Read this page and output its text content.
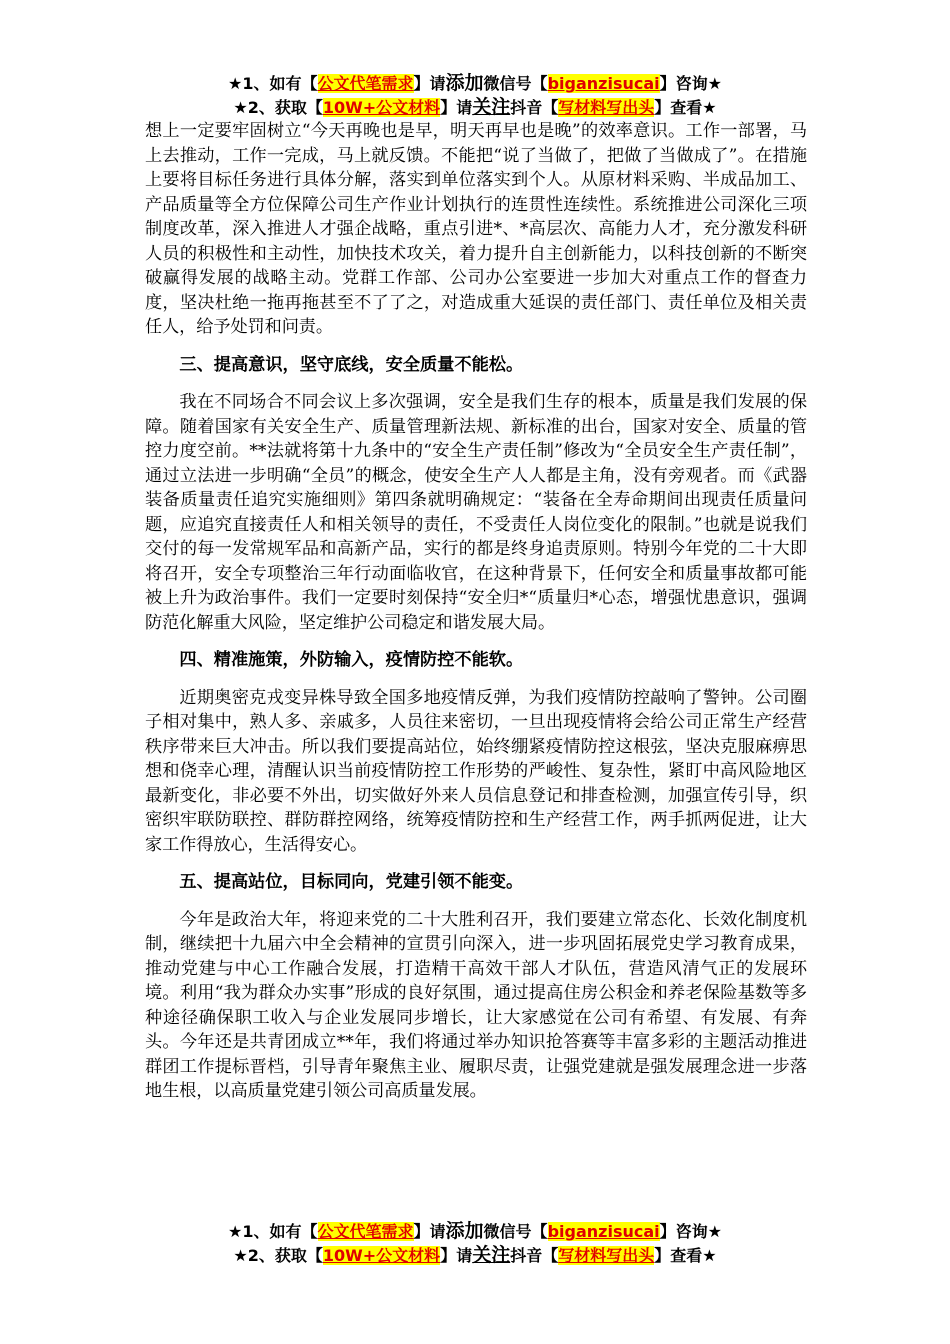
★1、如有【公文代笔需求】请添加微信号【biganzisucai】咨询★
★2、获取【10W+公文材料】请关注抖音【写材料写出头】查看★

想上一定要牢固树立“今天再晚也是早，明天再早也是晚”的效率意识。工作一部署，马上去推动，工作一完成，马上就反馈。不能把“说了当做了，把做了当做成了”。在措施上要将目标任务进行具体分解，落实到单位落实到个人。从原材料采购、半成品加工、产品质量等全方位保障公司生产作业计划执行的连贯性连续性。系统推进公司深化三项制度改革，深入推进人才强企战略，重点引进*、*高层次、高能力人才，充分激发科研人员的积极性和主动性，加快技术攻关，着力提升自主创新能力，以科技创新的不断突破赢得发展的战略主动。党群工作部、公司办公室要进一步加大对重点工作的督查力度，坚决杜绝一拖再拖甚至不了了之，对造成重大延误的责任部门、责任单位及相关责任人，给予处罚和问责。

三、提高意识，坚守底线，安全质量不能松。

我在不同场合不同会议上多次强调，安全是我们生存的根本，质量是我们发展的保障。随着国家有关安全生产、质量管理新法规、新标准的出台，国家对安全、质量的管控力度空前。**法就将第十九条中的“安全生产责任制”修改为“全员安全生产责任制”，通过立法进一步明确“全员”的概念，使安全生产人人都是主角，没有旁观者。而《武器装备质量责任追究实施细则》第四条就明确规定：“装备在全寿命期间出现责任质量问题，应追究直接责任人和相关领导的责任，不受责任人岗位变化的限制。”也就是说我们交付的每一发常规军品和高新产品，实行的都是终身追责原则。特别今年党的二十大即将召开，安全专项整治三年行动面临收官，在这种背景下，任何安全和质量事故都可能被上升为政治事件。我们一定要时刻保持“安全归*“质量归*心态，增强忧患意识，强调防范化解重大风险，坚定维护公司稳定和谐发展大局。

四、精准施策，外防输入，疫情防控不能软。

近期奥密克戎变异株导致全国多地疫情反弹，为我们疫情防控敲响了警钟。公司圈子相对集中，熟人多、亲戚多，人员往来密切，一旦出现疫情将会给公司正常生产经营秩序带来巨大冲击。所以我们要提高站位，始终绷紧疫情防控这根弦，坚决克服麻痹思想和侥幸心理，清醒认识当前疫情防控工作形势的严峻性、复杂性，紧盯中高风险地区最新变化，非必要不外出，切实做好外来人员信息登记和排查检测，加强宣传引导，织密织牢联防联控、群防群控网络，统筹疫情防控和生产经营工作，两手抓两促进，让大家工作得放心，生活得安心。

五、提高站位，目标同向，党建引领不能变。

今年是政治大年，将迎来党的二十大胜利召开，我们要建立常态化、长效化制度机制，继续把十九届六中全会精神的宣贯引向深入，进一步巩固拓展党史学习教育成果，推动党建与中心工作融合发展，打造精干高效干部人才队伍，营造风清气正的发展环境。利用“我为群众办实事”形成的良好氛围，通过提高住房公积金和养老保险基数等多种途径确保职工收入与企业发展同步增长，让大家感觉在公司有希望、有发展、有奔头。今年还是共青团成立**年，我们将通过举办知识抢答赛等丰富多彩的主题活动推进群团工作提标晋档，引导青年聚焦主业、履职尽责，让强党建就是强发展理念进一步落地生根，以高质量党建引领公司高质量发展。

★1、如有【公文代笔需求】请添加微信号【biganzisucai】咨询★
★2、获取【10W+公文材料】请关注抖音【写材料写出头】查看★
